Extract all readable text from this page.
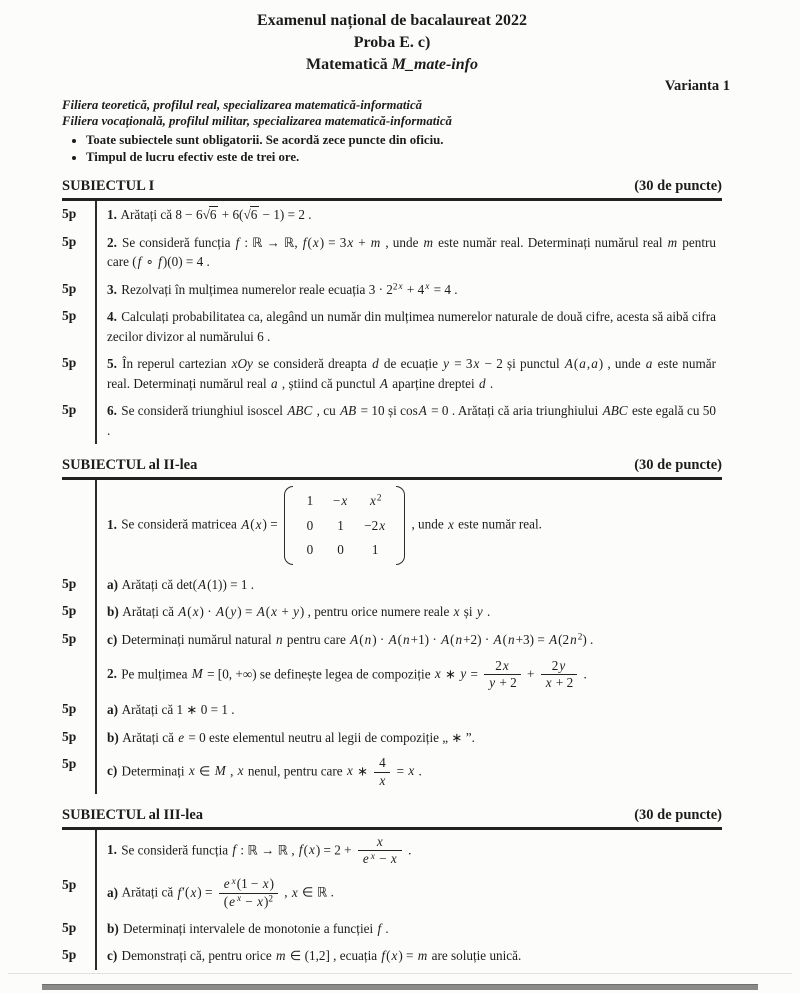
Examenul național de bacalaureat 2022
Proba E. c)
Matematică M_mate-info
Varianta 1
Filiera teoretică, profilul real, specializarea matematică-informatică
Filiera vocațională, profilul militar, specializarea matematică-informatică
• Toate subiectele sunt obligatorii. Se acordă zece puncte din oficiu.
• Timpul de lucru efectiv este de trei ore.
SUBIECTUL I	(30 de puncte)
5p	1. Arătați că 8 − 6√6 + 6(√6 − 1) = 2 .
5p	2. Se consideră funcția f : ℝ → ℝ, f(x) = 3x + m , unde m este număr real. Determinați numărul real m pentru care (f ∘ f)(0) = 4 .
5p	3. Rezolvați în mulțimea numerelor reale ecuația $3 \cdot 2^{2x} + 4^x = 4$ .
5p	4. Calculați probabilitatea ca, alegând un număr din mulțimea numerelor naturale de două cifre, acesta să aibă cifra zecilor divizor al numărului 6 .
5p	5. În reperul cartezian xOy se consideră dreapta d de ecuație y = 3x − 2 și punctul A(a,a) , unde a este număr real. Determinați numărul real a , știind că punctul A aparține dreptei d .
5p	6. Se consideră triunghiul isoscel ABC , cu AB = 10 și cosA = 0 . Arătați că aria triunghiului ABC este egală cu 50 .
SUBIECTUL al II-lea	(30 de puncte)
1. Se consideră matricea A(x) =
1 −x	$x^2$
0	1	−2x
0	0	1
, unde x este număr real.
5p	a) Arătați că det(A(1)) = 1 .
5p	b) Arătați că A(x) · A(y) = A(x + y) , pentru orice numere reale x și y .
5p	c) Determinați numărul natural n pentru care $A(n) \cdot A(n+1) \cdot A(n+2) \cdot A(n+3) = A(2n^2)$ .
2. Pe mulțimea M = [0, +∞) se definește legea de compoziție x ∗ $y = \frac{2x}{y + 2} + \frac{2y}{x + 2}$ .
5p	a) Arătați că 1 ∗ 0 = 1 .
5p	b) Arătați că e = 0 este elementul neutru al legii de compoziție „ ∗ ”.
5p	c) Determinați x ∈ M , x nenul, pentru care x ∗ $\frac{4}{x} = x$ .
SUBIECTUL al III-lea	(30 de puncte)
1. Se consideră funcția f : ℝ → ℝ , $f(x) = 2 + \frac{x}{e ^x - x}$ .
5p	a) Arătați că $f'(x) = \frac{e ^x(1 - x)}{(e ^x - x)^2}$ , x ∈ ℝ .
5p	b) Determinați intervalele de monotonie a funcției f .
5p	c) Demonstrați că, pentru orice m ∈ (1,2] , ecuația f(x) = m are soluție unică.
